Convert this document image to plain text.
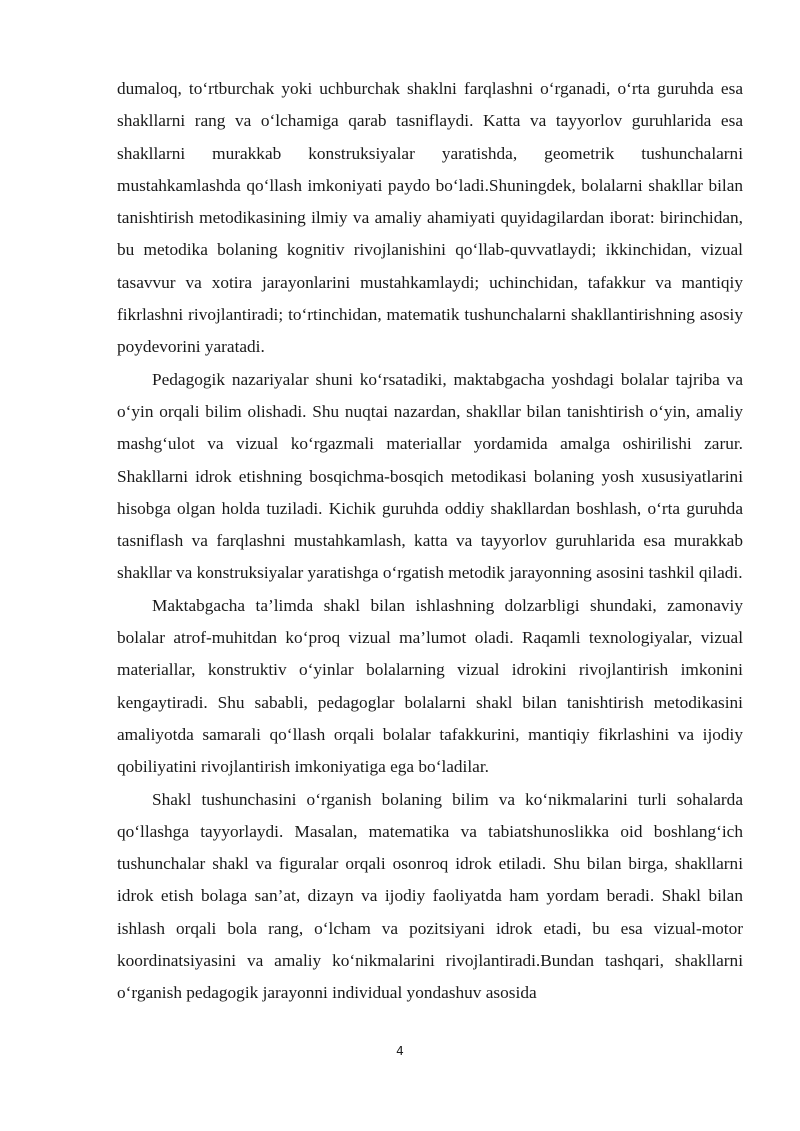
dumaloq, to‘rtburchak yoki uchburchak shaklni farqlashni o‘rganadi, o‘rta guruhda esa shakllarni rang va o‘lchamiga qarab tasniflaydi. Katta va tayyorlov guruhlarida esa shakllarni murakkab konstruksiyalar yaratishda, geometrik tushunchalarni mustahkamlashda qo‘llash imkoniyati paydo bo‘ladi.Shuningdek, bolalarni shakllar bilan tanishtirish metodikasining ilmiy va amaliy ahamiyati quyidagilardan iborat: birinchidan, bu metodika bolaning kognitiv rivojlanishini qo‘llab-quvvatlaydi; ikkinchidan, vizual tasavvur va xotira jarayonlarini mustahkamlaydi; uchinchidan, tafakkur va mantiqiy fikrlashni rivojlantiradi; to‘rtinchidan, matematik tushunchalarni shakllantirishning asosiy poydevorini yaratadi.

Pedagogik nazariyalar shuni ko‘rsatadiki, maktabgacha yoshdagi bolalar tajriba va o‘yin orqali bilim olishadi. Shu nuqtai nazardan, shakllar bilan tanishtirish o‘yin, amaliy mashg‘ulot va vizual ko‘rgazmali materiallar yordamida amalga oshirilishi zarur. Shakllarni idrok etishning bosqichma-bosqich metodikasi bolaning yosh xususiyatlarini hisobga olgan holda tuziladi. Kichik guruhda oddiy shakllardan boshlash, o‘rta guruhda tasniflash va farqlashni mustahkamlash, katta va tayyorlov guruhlarida esa murakkab shakllar va konstruksiyalar yaratishga o‘rgatish metodik jarayonning asosini tashkil qiladi.

Maktabgacha ta’limda shakl bilan ishlashning dolzarbligi shundaki, zamonaviy bolalar atrof-muhitdan ko‘proq vizual ma’lumot oladi. Raqamli texnologiyalar, vizual materiallar, konstruktiv o‘yinlar bolalarning vizual idrokini rivojlantirish imkonini kengaytiradi. Shu sababli, pedagoglar bolalarni shakl bilan tanishtirish metodikasini amaliyotda samarali qo‘llash orqali bolalar tafakkurini, mantiqiy fikrlashini va ijodiy qobiliyatini rivojlantirish imkoniyatiga ega bo‘ladilar.

Shakl tushunchasini o‘rganish bolaning bilim va ko‘nikmalarini turli sohalarda qo‘llashga tayyorlaydi. Masalan, matematika va tabiatshunoslikka oid boshlang‘ich tushunchalar shakl va figuralar orqali osonroq idrok etiladi. Shu bilan birga, shakllarni idrok etish bolaga san’at, dizayn va ijodiy faoliyatda ham yordam beradi. Shakl bilan ishlash orqali bola rang, o‘lcham va pozitsiyani idrok etadi, bu esa vizual-motor koordinatsiyasini va amaliy ko‘nikmalarini rivojlantiradi.Bundan tashqari, shakllarni o‘rganish pedagogik jarayonni individual yondashuv asosida

4
